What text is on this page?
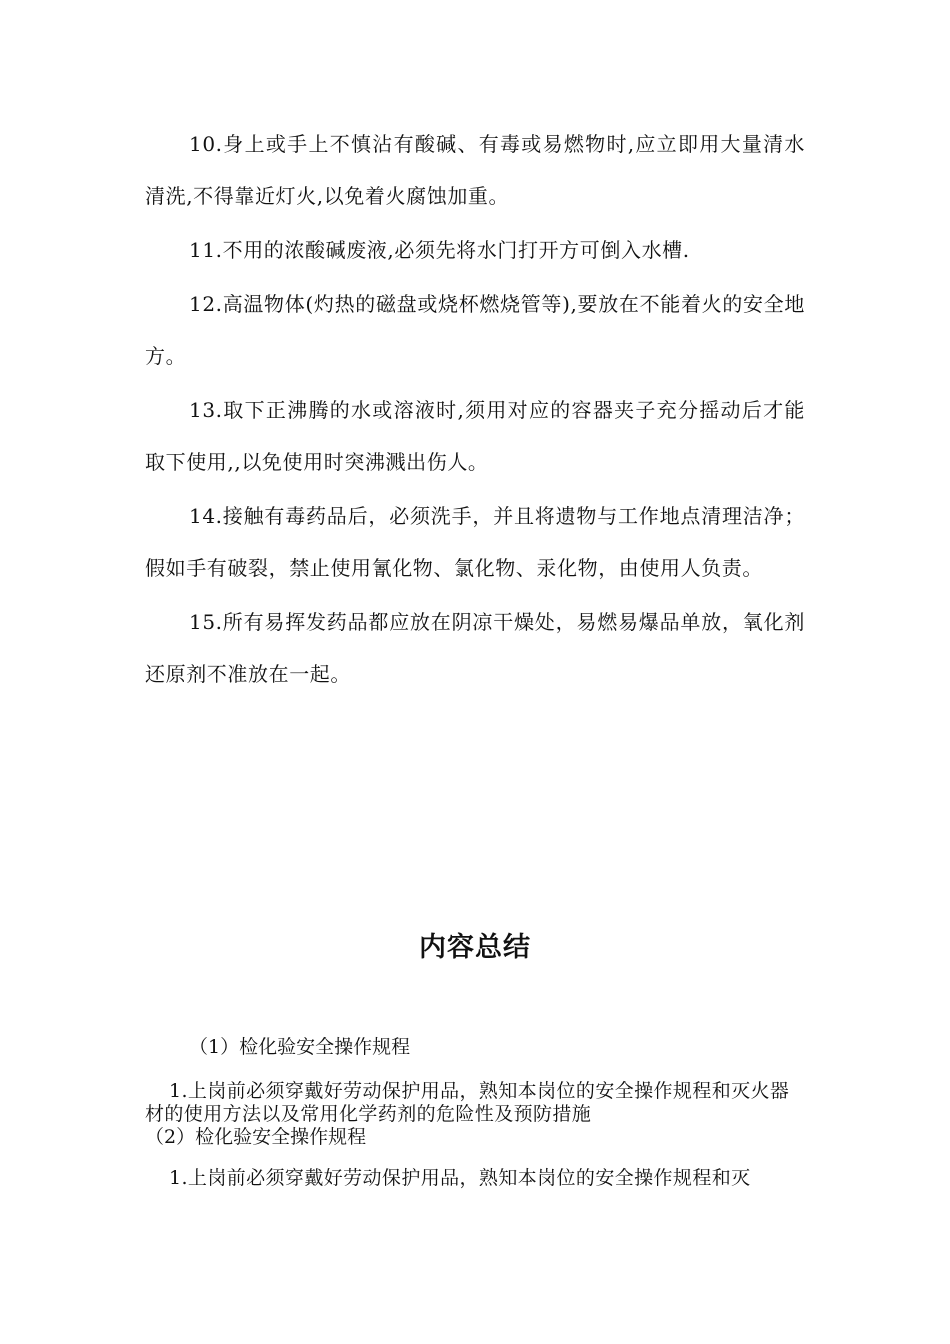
10.身上或手上不慎沾有酸碱、有毒或易燃物时,应立即用大量清水清洗,不得靠近灯火,以免着火腐蚀加重。

11.不用的浓酸碱废液,必须先将水门打开方可倒入水槽.

12.高温物体(灼热的磁盘或烧杯燃烧管等),要放在不能着火的安全地方。

13.取下正沸腾的水或溶液时,须用对应的容器夹子充分摇动后才能取下使用,,以免使用时突沸溅出伤人。

14.接触有毒药品后，必须洗手，并且将遗物与工作地点清理洁净；假如手有破裂，禁止使用氰化物、氯化物、汞化物，由使用人负责。

15.所有易挥发药品都应放在阴凉干燥处，易燃易爆品单放，氧化剂还原剂不准放在一起。

内容总结

（1）检化验安全操作规程

1.上岗前必须穿戴好劳动保护用品，熟知本岗位的安全操作规程和灭火器材的使用方法以及常用化学药剂的危险性及预防措施

（2）检化验安全操作规程

1.上岗前必须穿戴好劳动保护用品，熟知本岗位的安全操作规程和灭
